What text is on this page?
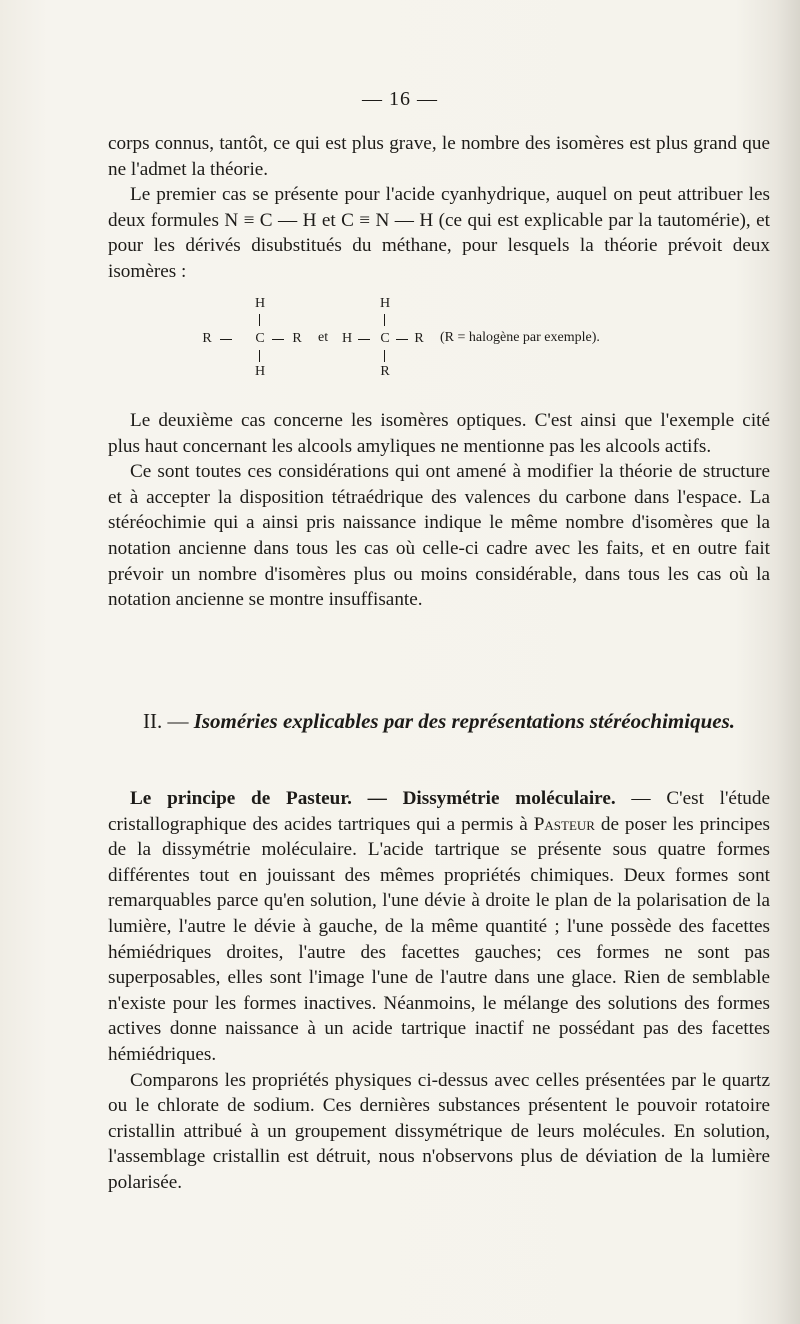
— 16 —

corps connus, tantôt, ce qui est plus grave, le nombre des isomères est plus grand que ne l'admet la théorie.

Le premier cas se présente pour l'acide cyanhydrique, auquel on peut attribuer les deux formules N ≡ C — H et C ≡ N — H (ce qui est explicable par la tautomérie), et pour les dérivés disubstitués du méthane, pour lesquels la théorie prévoit deux isomères :

H
R	C R
H
et
H
H C R
R
(R = halogène par exemple).

Le deuxième cas concerne les isomères optiques. C'est ainsi que l'exemple cité plus haut concernant les alcools amyliques ne mentionne pas les alcools actifs.

Ce sont toutes ces considérations qui ont amené à modifier la théorie de structure et à accepter la disposition tétraédrique des valences du carbone dans l'espace. La stéréochimie qui a ainsi pris naissance indique le même nombre d'isomères que la notation ancienne dans tous les cas où celle-ci cadre avec les faits, et en outre fait prévoir un nombre d'isomères plus ou moins considérable, dans tous les cas où la notation ancienne se montre insuffisante.

II. — Isoméries explicables par des représentations stéréochimiques.

Le principe de Pasteur. — Dissymétrie moléculaire. — C'est l'étude cristallographique des acides tartriques qui a permis à Pasteur de poser les principes de la dissymétrie moléculaire. L'acide tartrique se présente sous quatre formes différentes tout en jouissant des mêmes propriétés chimiques. Deux formes sont remarquables parce qu'en solution, l'une dévie à droite le plan de la polarisation de la lumière, l'autre le dévie à gauche, de la même quantité ; l'une possède des facettes hémiédriques droites, l'autre des facettes gauches; ces formes ne sont pas superposables, elles sont l'image l'une de l'autre dans une glace. Rien de semblable n'existe pour les formes inactives. Néanmoins, le mélange des solutions des formes actives donne naissance à un acide tartrique inactif ne possédant pas des facettes hémiédriques.

Comparons les propriétés physiques ci-dessus avec celles présentées par le quartz ou le chlorate de sodium. Ces dernières substances présentent le pouvoir rotatoire cristallin attribué à un groupement dissymétrique de leurs molécules. En solution, l'assemblage cristallin est détruit, nous n'observons plus de déviation de la lumière polarisée.
